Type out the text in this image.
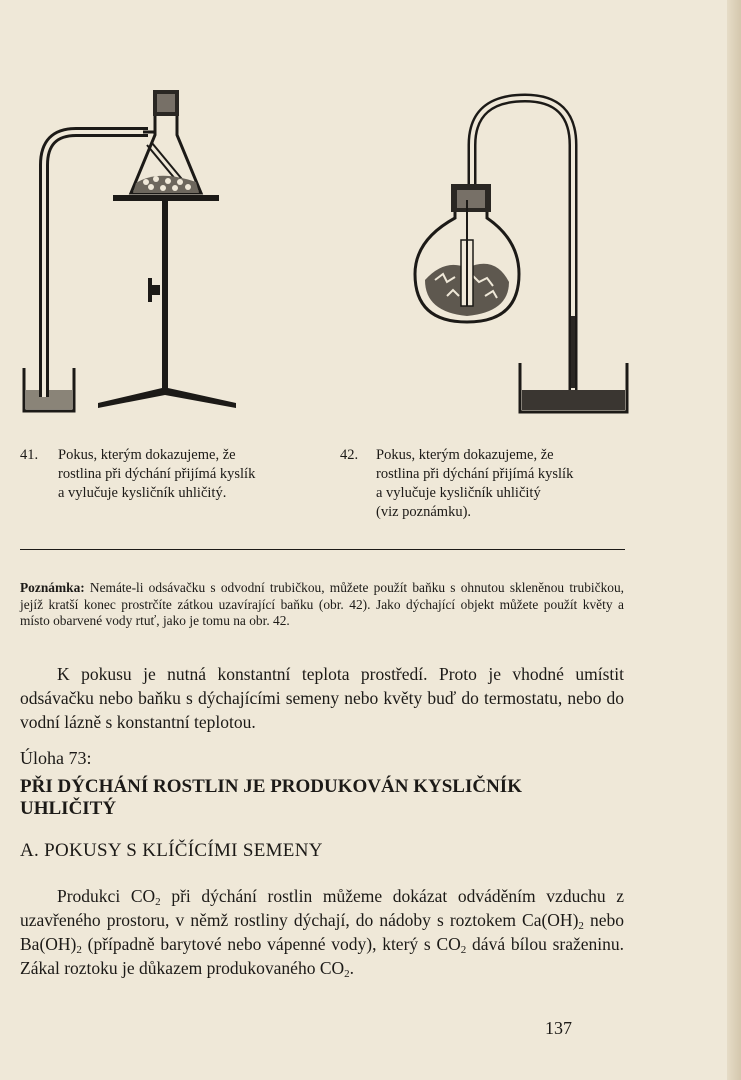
41. Pokus, kterým dokazujeme, že
rostlina při dýchání přijímá kyslík
a vylučuje kysličník uhličitý.
42. Pokus, kterým dokazujeme, že
rostlina při dýchání přijímá kyslík
a vylučuje kysličník uhličitý
(viz poznámku).
Poznámka: Nemáte-li odsávačku s odvodní trubičkou, můžete použít baňku s ohnutou skleněnou trubičkou, jejíž kratší konec prostrčíte zátkou uzavírající baňku (obr. 42). Jako dýchající objekt můžete použít květy a místo obarvené vody rtuť, jako je tomu na obr. 42.
K pokusu je nutná konstantní teplota prostředí. Proto je vhodné umístit odsávačku nebo baňku s dýchajícími semeny nebo květy buď do termostatu, nebo do vodní lázně s konstantní teplotou.
Úloha 73:
PŘI DÝCHÁNÍ ROSTLIN JE PRODUKOVÁN KYSLIČNÍK UHLIČITÝ
A. POKUSY S KLÍČÍCÍMI SEMENY
Produkci $CO_2$ při dýchání rostlin můžeme dokázat odváděním vzduchu z uzavřeného prostoru, v němž rostliny dýchají, do nádoby s roztokem $Ca(OH)_2$ nebo $Ba(OH)_2$ (případně barytové nebo vápenné vody), který s $CO_2$ dává bílou sraženinu. Zákal roztoku je důkazem produkovaného $CO_2$.
137
